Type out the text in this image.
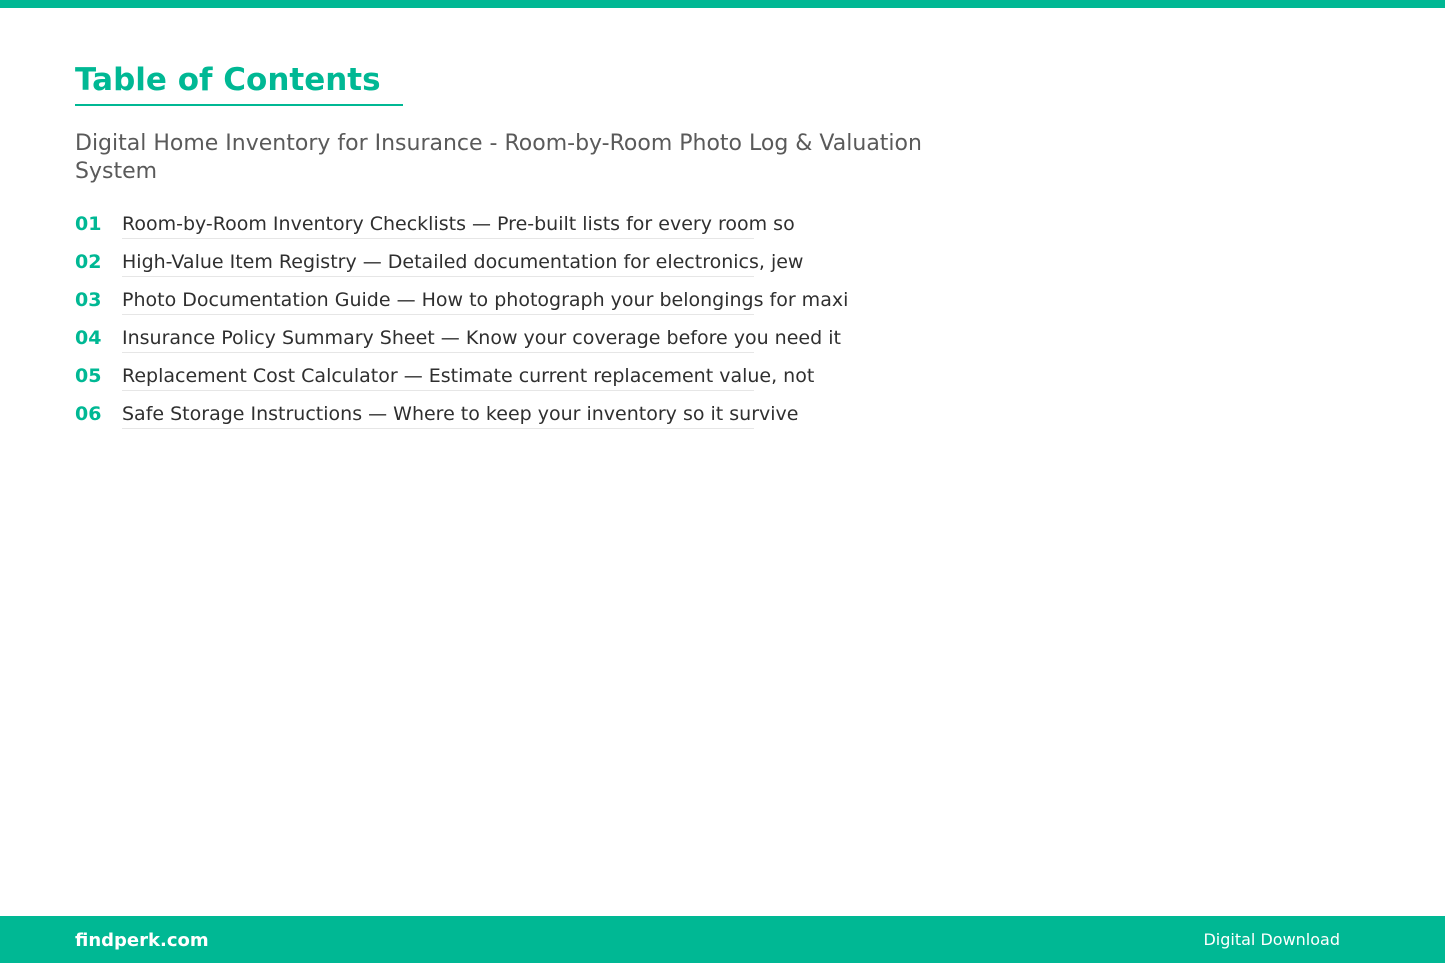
Table of Contents
Digital Home Inventory for Insurance - Room-by-Room Photo Log & Valuation System
01	Room-by-Room Inventory Checklists — Pre-built lists for every room so
02	High-Value Item Registry — Detailed documentation for electronics, jew
03	Photo Documentation Guide — How to photograph your belongings for maxi
04	Insurance Policy Summary Sheet — Know your coverage before you need it
05	Replacement Cost Calculator — Estimate current replacement value, not
06	Safe Storage Instructions — Where to keep your inventory so it survive
findperk.com	Digital Download
